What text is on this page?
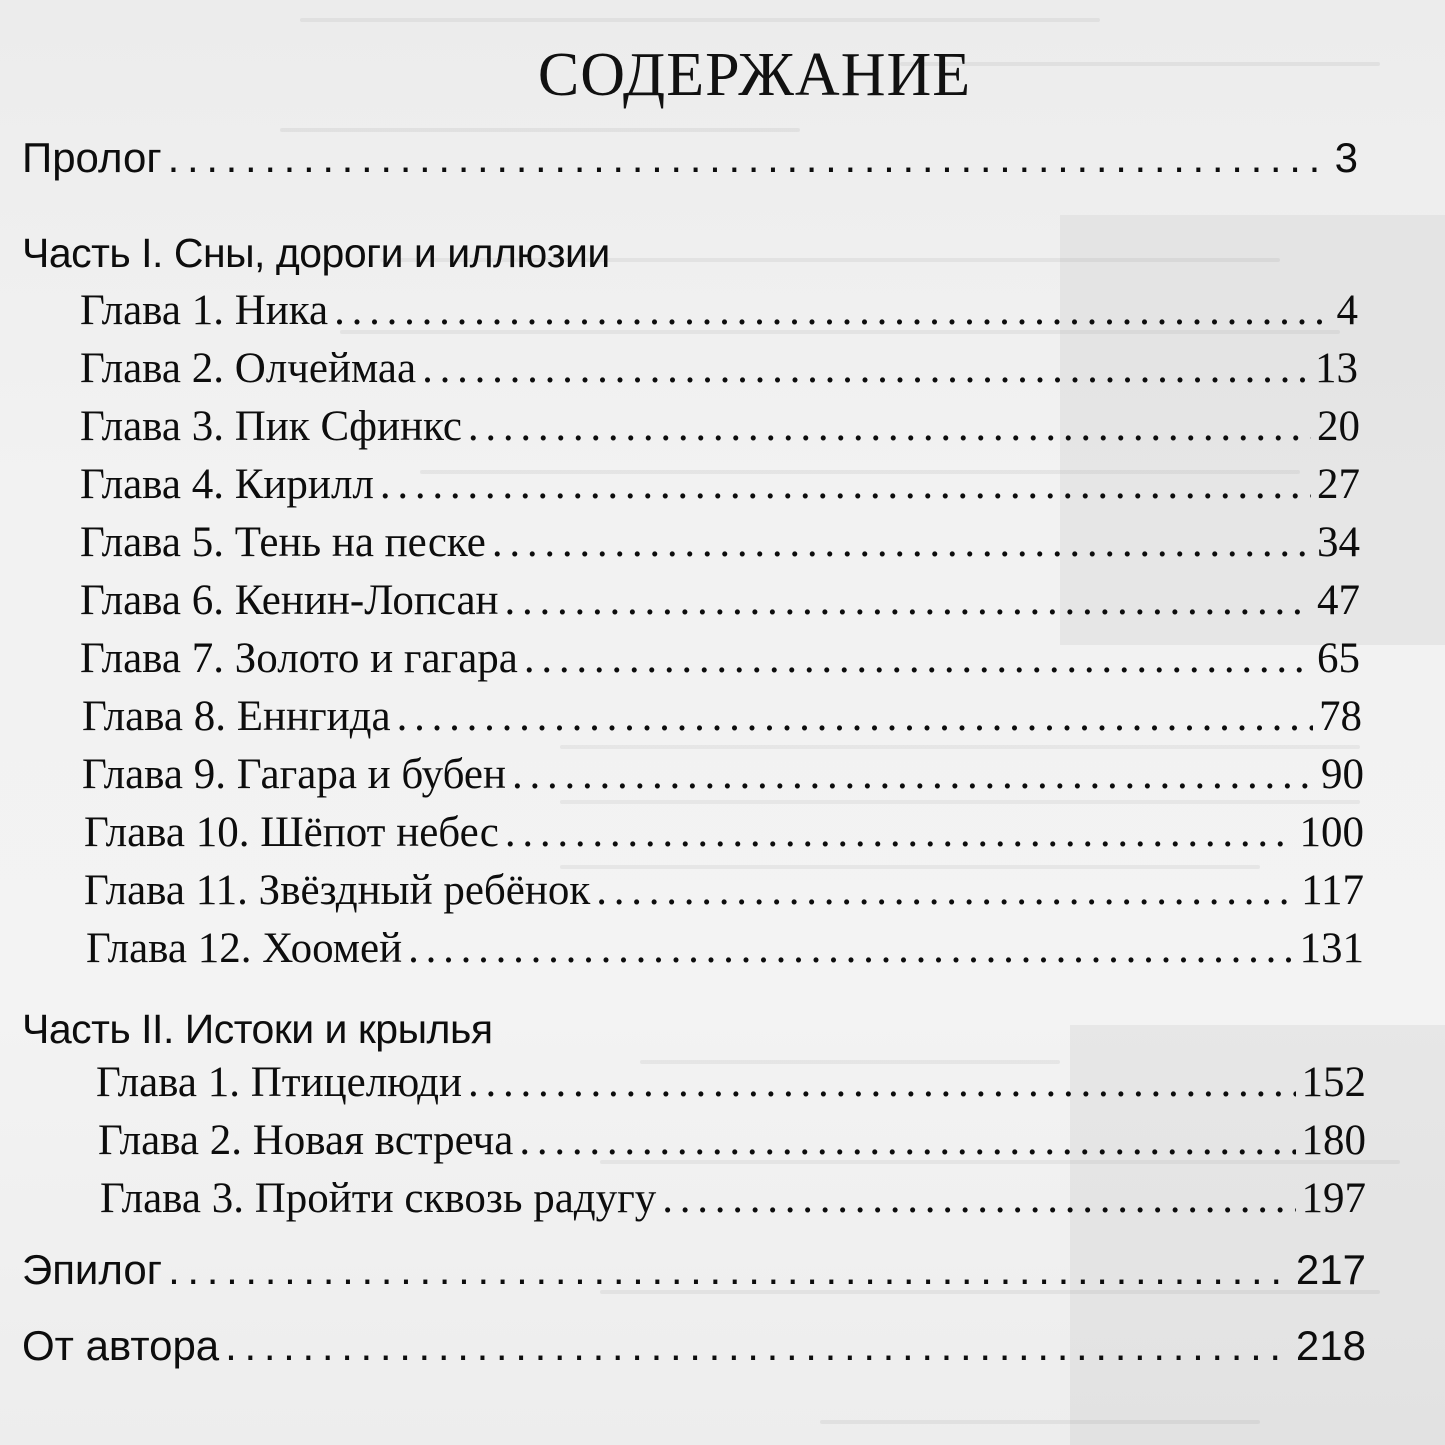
СОДЕРЖАНИЕ
Пролог . . .	3
Часть I. Сны, дороги и иллюзии
Глава 1. Ника . . .	4
Глава 2. Олчеймаа . . .	13
Глава 3. Пик Сфинкс . . .	20
Глава 4. Кирилл . . .	27
Глава 5. Тень на песке . . .	34
Глава 6. Кенин-Лопсан . . .	47
Глава 7. Золото и гагара . . .	65
Глава 8. Еннгида . . .	78
Глава 9. Гагара и бубен . . .	90
Глава 10. Шёпот небес . . .	100
Глава 11. Звёздный ребёнок . . .	117
Глава 12. Хоомей . . .	131
Часть II. Истоки и крылья
Глава 1. Птицелюди . . .	152
Глава 2. Новая встреча . . .	180
Глава 3. Пройти сквозь радугу . . .	197
Эпилог . . .	217
От автора . . .	218
